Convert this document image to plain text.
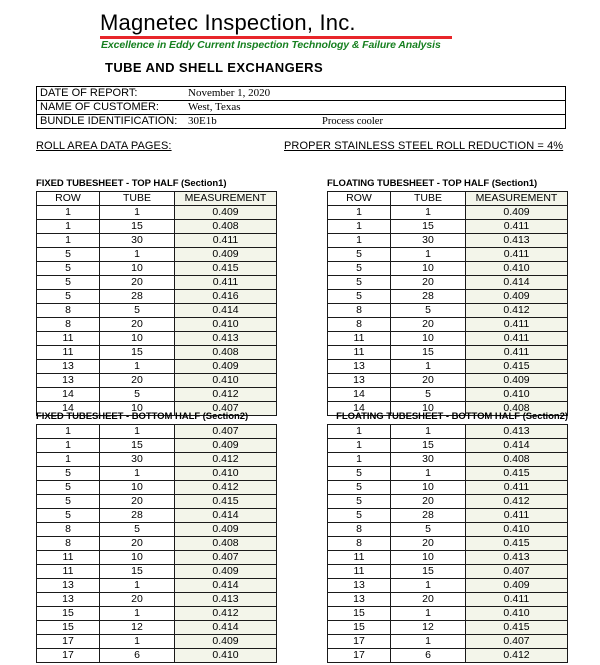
Magnetec Inspection, Inc.
Excellence in Eddy Current Inspection Technology & Failure Analysis
TUBE AND SHELL EXCHANGERS
DATE OF REPORT:	November 1, 2020
NAME OF CUSTOMER:	West, Texas
BUNDLE IDENTIFICATION:	30E1b Process cooler
ROLL AREA DATA PAGES:	PROPER STAINLESS STEEL ROLL REDUCTION = 4%
FIXED TUBESHEET - TOP HALF (Section1)
ROW	TUBE	MEASUREMENT
1	1	0.409
1	15	0.408
1	30	0.411
5	1	0.409
5	10	0.415
5	20	0.411
5	28	0.416
8	5	0.414
8	20	0.410
11	10	0.413
11	15	0.408
13	1	0.409
13	20	0.410
14	5	0.412
14	10	0.407
FLOATING TUBESHEET - TOP HALF (Section1)
ROW	TUBE	MEASUREMENT
1	1	0.409
1	15	0.411
1	30	0.413
5	1	0.411
5	10	0.410
5	20	0.414
5	28	0.409
8	5	0.412
8	20	0.411
11	10	0.411
11	15	0.411
13	1	0.415
13	20	0.409
14	5	0.410
14	10	0.408
FIXED TUBESHEET - BOTTOM HALF (Section2)
1	1	0.407
1	15	0.409
1	30	0.412
5	1	0.410
5	10	0.412
5	20	0.415
5	28	0.414
8	5	0.409
8	20	0.408
11	10	0.407
11	15	0.409
13	1	0.414
13	20	0.413
15	1	0.412
15	12	0.414
17	1	0.409
17	6	0.410
FLOATING TUBESHEET - BOTTOM HALF (Section2)
1	1	0.413
1	15	0.414
1	30	0.408
5	1	0.415
5	10	0.411
5	20	0.412
5	28	0.411
8	5	0.410
8	20	0.415
11	10	0.413
11	15	0.407
13	1	0.409
13	20	0.411
15	1	0.410
15	12	0.415
17	1	0.407
17	6	0.412
